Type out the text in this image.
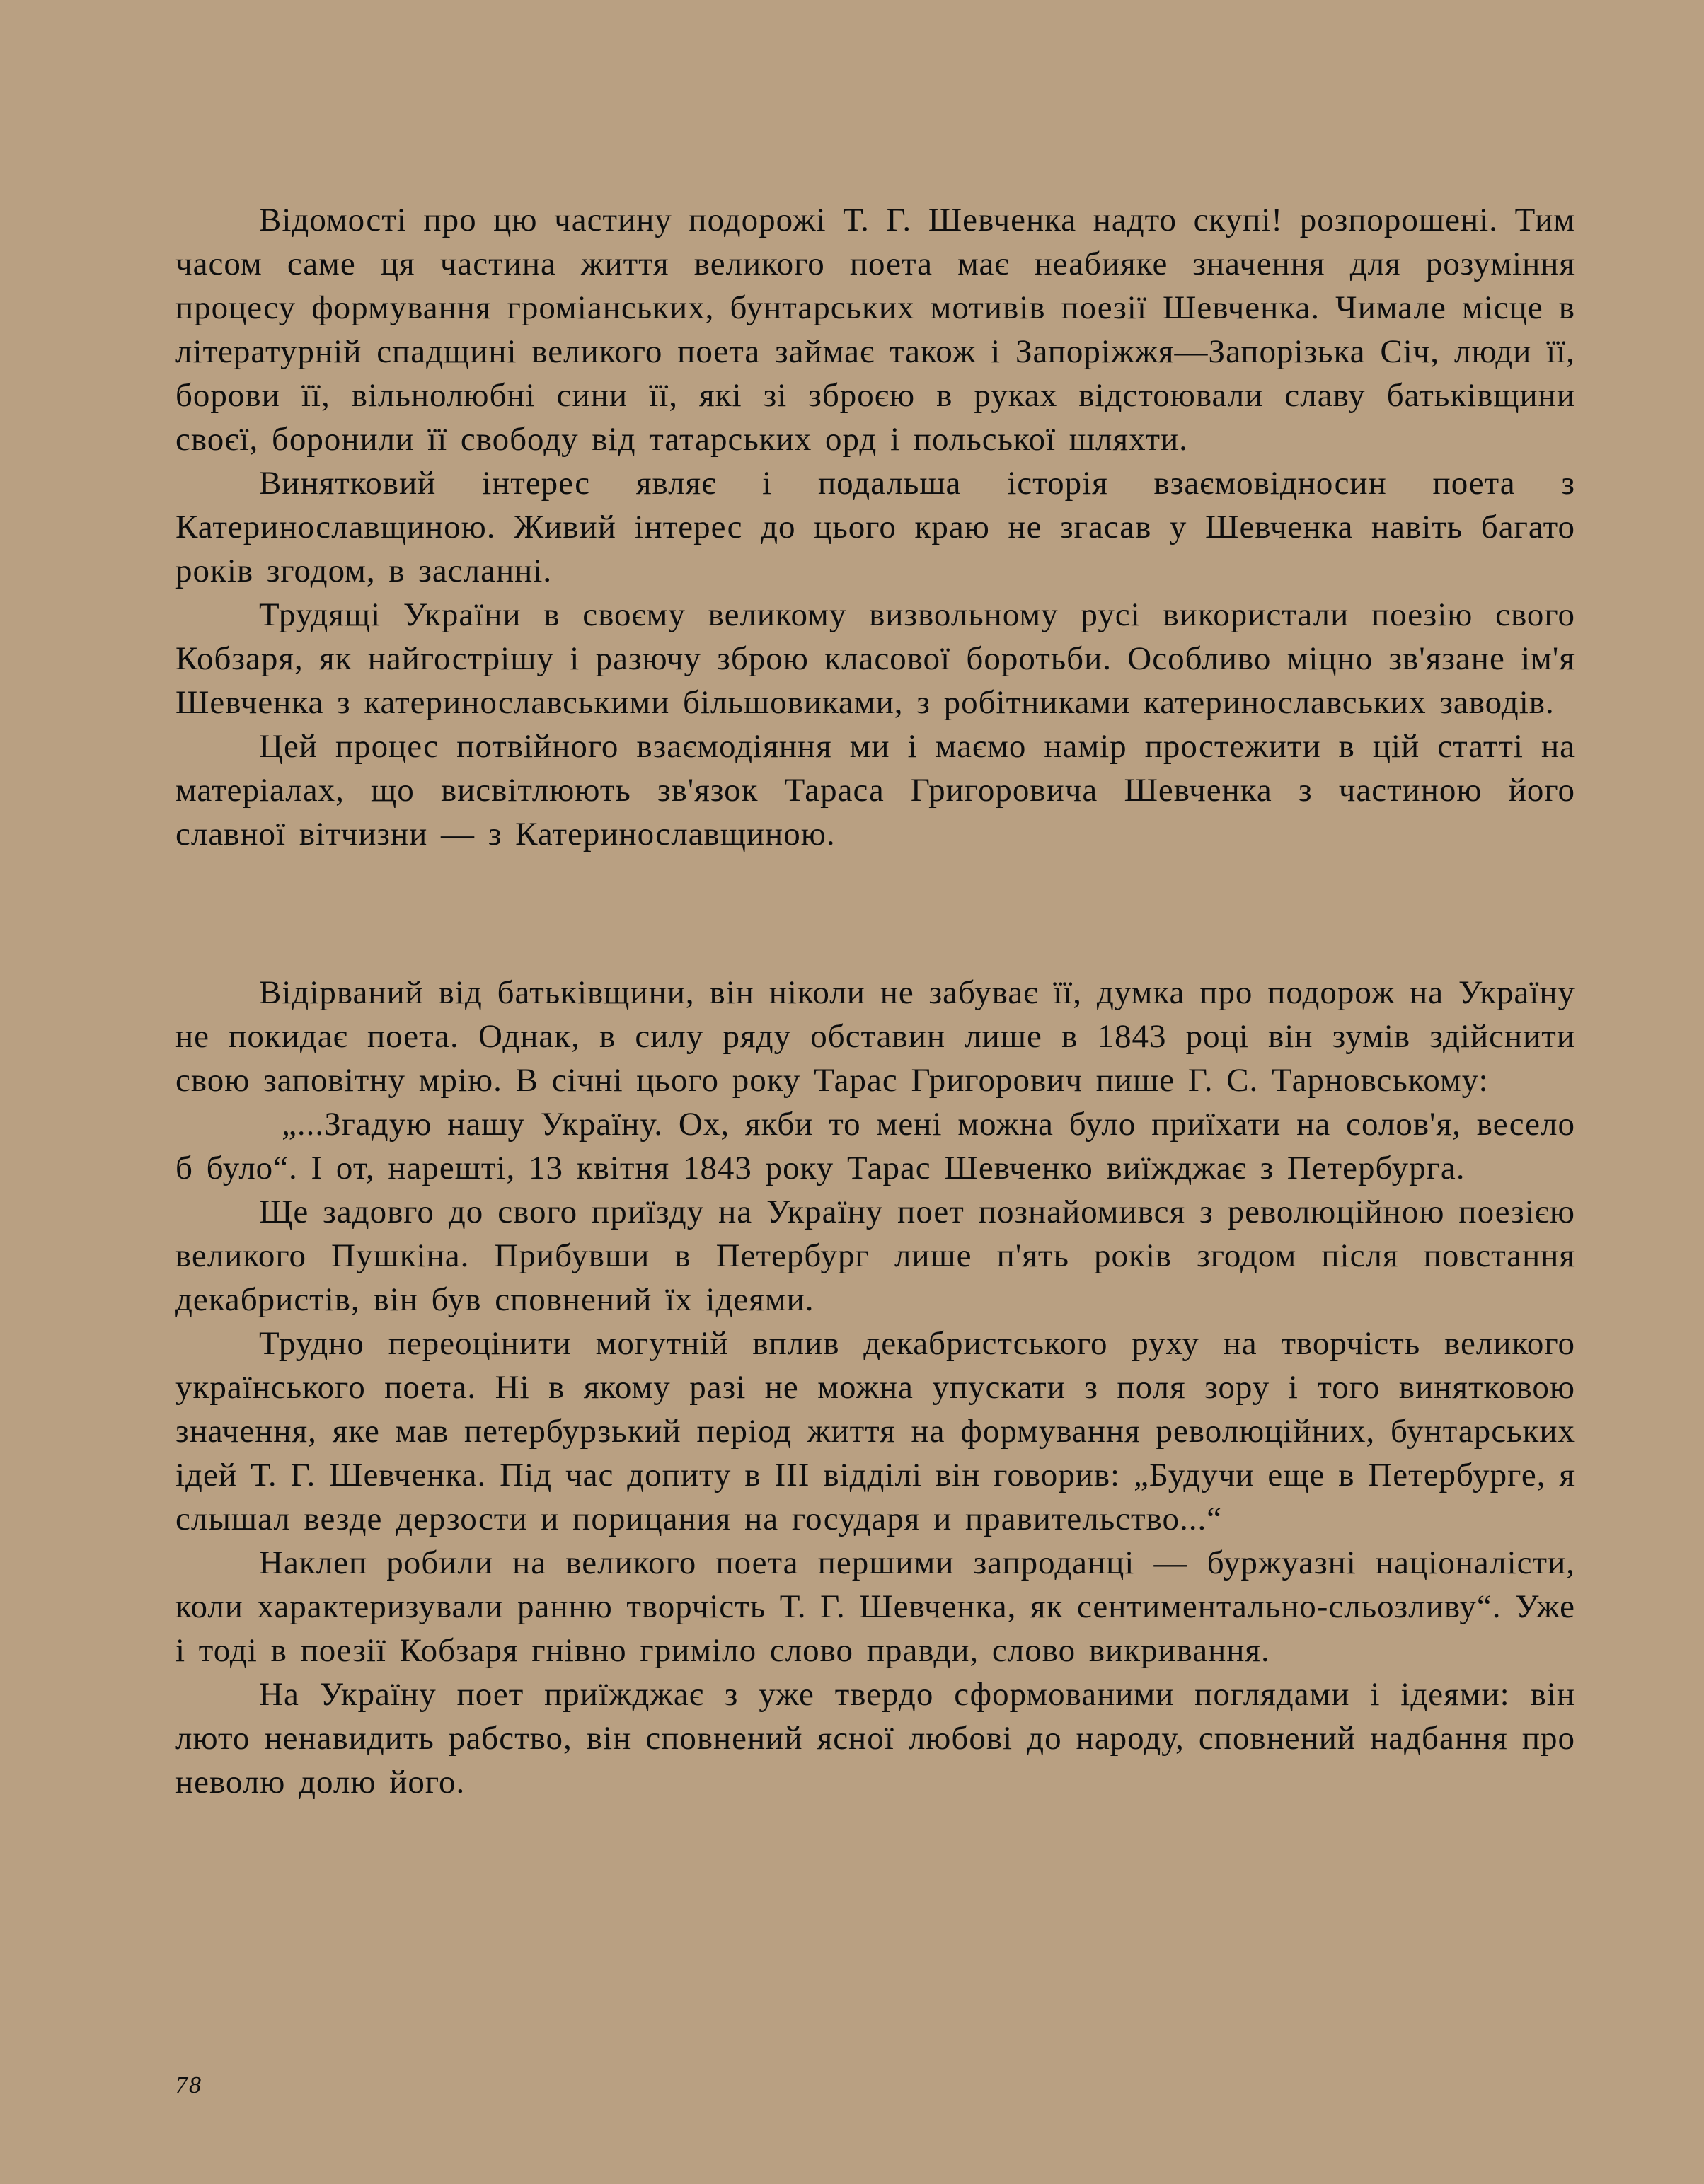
Відомості про цю частину подорожі Т. Г. Шевченка надто скупі! розпорошені. Тим часом саме ця частина життя великого поета має неабияке значення для розуміння процесу формування громіанських, бунтарських мотивів поезії Шевченка. Чимале місце в літературній спадщині великого поета займає також і Запоріжжя—Запорізька Січ, люди її, борови її, вільнолюбні сини її, які зі зброєю в руках відстоювали славу батьківщини своєї, боронили її свободу від татарських орд і польської шляхти.

Винятковий інтерес являє і подальша історія взаємовідносин поета з Катеринославщиною. Живий інтерес до цього краю не згасав у Шевченка навіть багато років згодом, в засланні.

Трудящі України в своєму великому визвольному русі використали поезію свого Кобзаря, як найгострішу і разючу зброю класової боротьби. Особливо міцно зв'язане ім'я Шевченка з катеринославськими більшовиками, з робітниками катеринославських заводів.

Цей процес потвійного взаємодіяння ми і маємо намір простежити в цій статті на матеріалах, що висвітлюють зв'язок Тараса Григоровича Шевченка з частиною його славної вітчизни — з Катеринославщиною.

Відірваний від батьківщини, він ніколи не забуває її, думка про подорож на Україну не покидає поета. Однак, в силу ряду обставин лише в 1843 році він зумів здійснити свою заповітну мрію. В січні цього року Тарас Григорович пише Г. С. Тарновському:

„...Згадую нашу Україну. Ох, якби то мені можна було приїхати на солов'я, весело б було“. І от, нарешті, 13 квітня 1843 року Тарас Шевченко виїжджає з Петербурга.

Ще задовго до свого приїзду на Україну поет познайомився з революційною поезією великого Пушкіна. Прибувши в Петербург лише п'ять років згодом після повстання декабристів, він був сповнений їх ідеями.

Трудно переоцінити могутній вплив декабристського руху на творчість великого українського поета. Ні в якому разі не можна упускати з поля зору і того винятковою значення, яке мав петербурзький період життя на формування революційних, бунтарських ідей Т. Г. Шевченка. Під час допиту в III відділі він говорив: „Будучи еще в Петербурге, я слышал везде дерзости и порицания на государя и правительство...“

Наклеп робили на великого поета першими запроданці — буржуазні націоналісти, коли характеризували ранню творчість Т. Г. Шевченка, як сентиментально-сльозливу“. Уже і тоді в поезії Кобзаря гнівно гриміло слово правди, слово викривання.

На Україну поет приїжджає з уже твердо сформованими поглядами і ідеями: він люто ненавидить рабство, він сповнений ясної любові до народу, сповнений надбання про неволю долю його.

78
